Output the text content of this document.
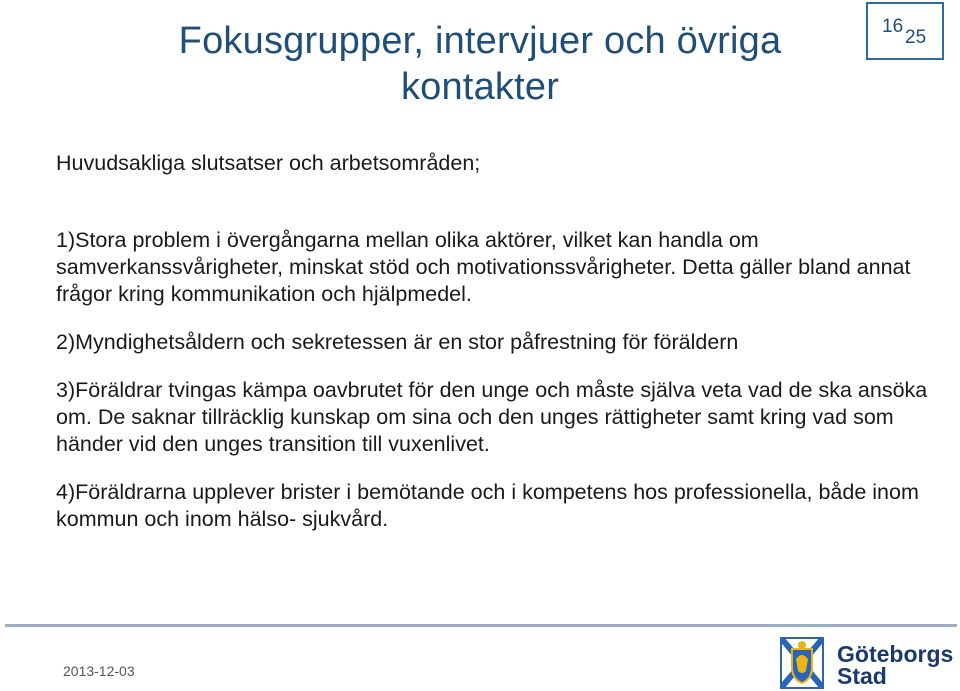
Fokusgrupper, intervjuer och övriga kontakter
16
25

Huvudsakliga slutsatser och arbetsområden;

1)Stora problem i övergångarna mellan olika aktörer, vilket kan handla om samverkanssvårigheter, minskat stöd och motivationssvårigheter. Detta gäller bland annat frågor kring kommunikation och hjälpmedel.

2)Myndighetsåldern och sekretessen är en stor påfrestning för föräldern

3)Föräldrar tvingas kämpa oavbrutet för den unge och måste själva veta vad de ska ansöka om. De saknar tillräcklig kunskap om sina och den unges rättigheter samt kring vad som händer vid den unges transition till vuxenlivet.

4)Föräldrarna upplever brister i bemötande och i kompetens hos professionella, både inom kommun och inom hälso- sjukvård.

2013-12-03
Göteborgs
Stad
